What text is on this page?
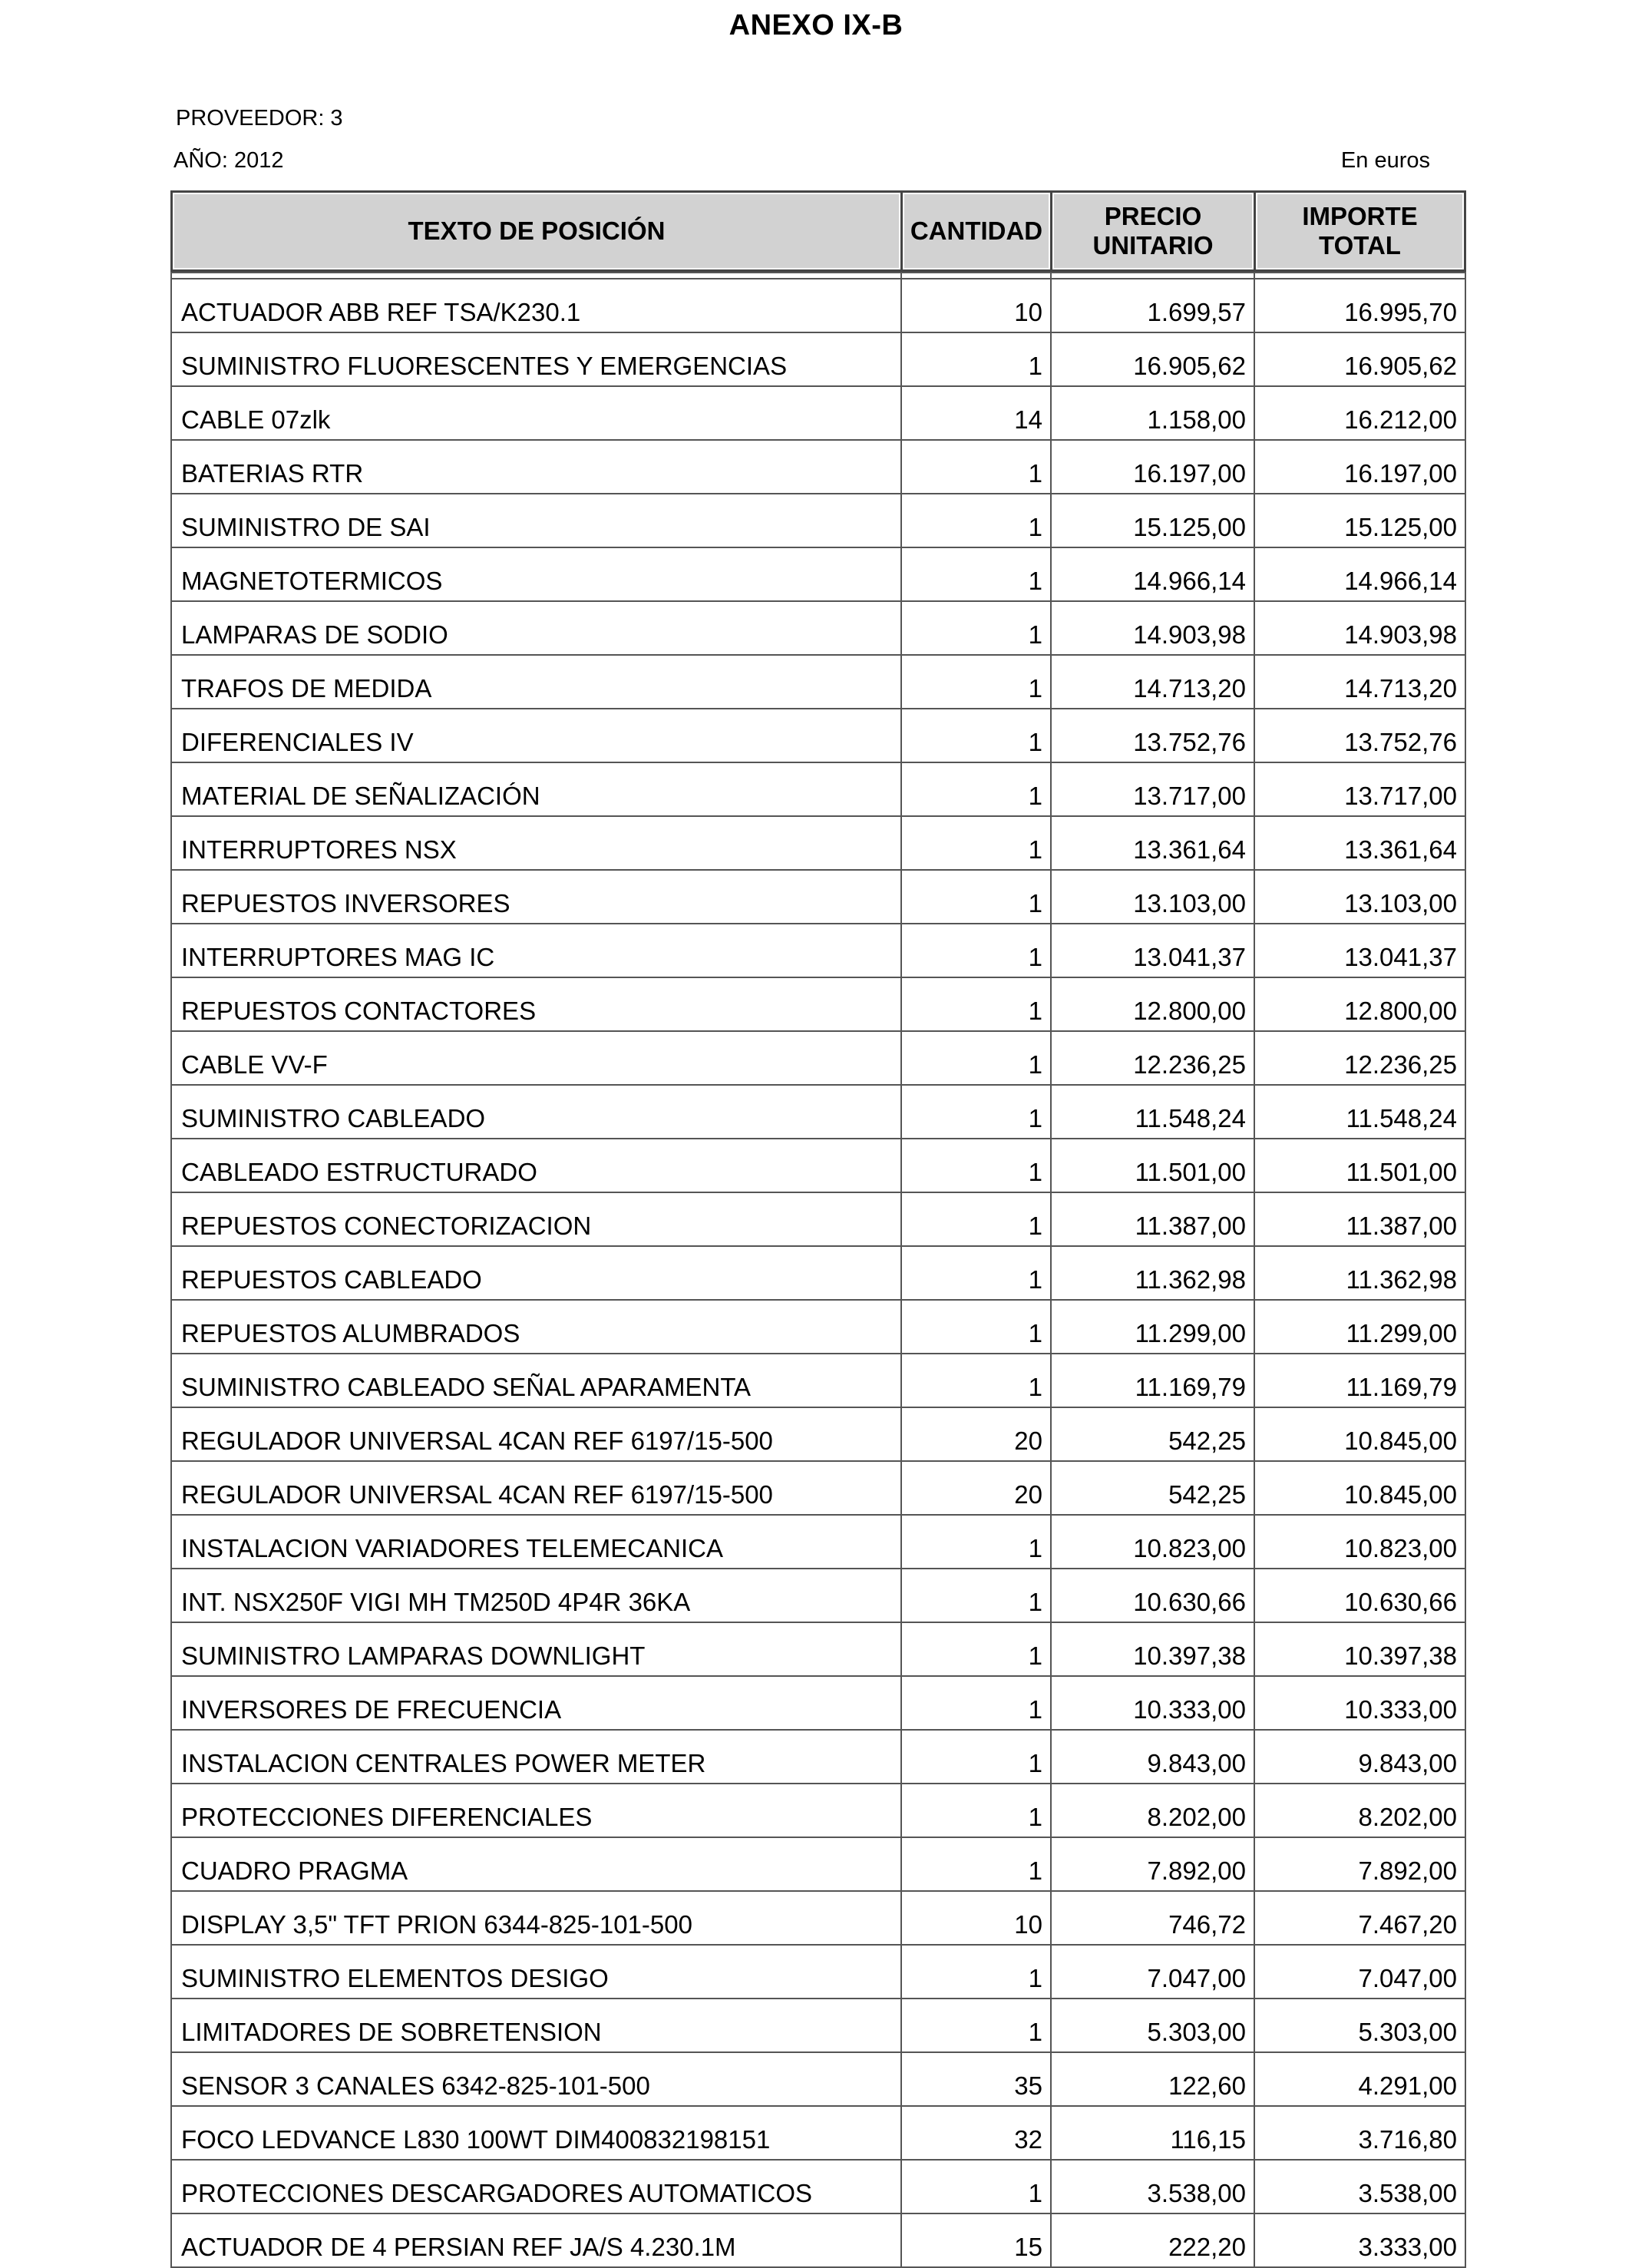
ANEXO IX-B
PROVEEDOR: 3
AÑO: 2012	En euros
TEXTO DE POSICIÓN	CANTIDAD	PRECIO UNITARIO	IMPORTE TOTAL

ACTUADOR ABB REF TSA/K230.1	10	1.699,57	16.995,70
SUMINISTRO FLUORESCENTES Y EMERGENCIAS	1	16.905,62	16.905,62
CABLE 07zlk	14	1.158,00	16.212,00
BATERIAS RTR	1	16.197,00	16.197,00
SUMINISTRO DE SAI	1	15.125,00	15.125,00
MAGNETOTERMICOS	1	14.966,14	14.966,14
LAMPARAS DE SODIO	1	14.903,98	14.903,98
TRAFOS DE MEDIDA	1	14.713,20	14.713,20
DIFERENCIALES IV	1	13.752,76	13.752,76
MATERIAL DE SEÑALIZACIÓN	1	13.717,00	13.717,00
INTERRUPTORES NSX	1	13.361,64	13.361,64
REPUESTOS INVERSORES	1	13.103,00	13.103,00
INTERRUPTORES MAG IC	1	13.041,37	13.041,37
REPUESTOS CONTACTORES	1	12.800,00	12.800,00
CABLE VV-F	1	12.236,25	12.236,25
SUMINISTRO CABLEADO	1	11.548,24	11.548,24
CABLEADO ESTRUCTURADO	1	11.501,00	11.501,00
REPUESTOS CONECTORIZACION	1	11.387,00	11.387,00
REPUESTOS CABLEADO	1	11.362,98	11.362,98
REPUESTOS ALUMBRADOS	1	11.299,00	11.299,00
SUMINISTRO CABLEADO SEÑAL APARAMENTA	1	11.169,79	11.169,79
REGULADOR UNIVERSAL 4CAN REF 6197/15-500	20	542,25	10.845,00
REGULADOR UNIVERSAL 4CAN REF 6197/15-500	20	542,25	10.845,00
INSTALACION VARIADORES TELEMECANICA	1	10.823,00	10.823,00
INT. NSX250F VIGI MH TM250D 4P4R 36KA	1	10.630,66	10.630,66
SUMINISTRO LAMPARAS DOWNLIGHT	1	10.397,38	10.397,38
INVERSORES DE FRECUENCIA	1	10.333,00	10.333,00
INSTALACION CENTRALES POWER METER	1	9.843,00	9.843,00
PROTECCIONES DIFERENCIALES	1	8.202,00	8.202,00
CUADRO PRAGMA	1	7.892,00	7.892,00
DISPLAY 3,5" TFT PRION 6344-825-101-500	10	746,72	7.467,20
SUMINISTRO ELEMENTOS DESIGO	1	7.047,00	7.047,00
LIMITADORES DE SOBRETENSION	1	5.303,00	5.303,00
SENSOR 3 CANALES 6342-825-101-500	35	122,60	4.291,00
FOCO LEDVANCE L830 100WT DIM400832198151	32	116,15	3.716,80
PROTECCIONES DESCARGADORES AUTOMATICOS	1	3.538,00	3.538,00
ACTUADOR DE 4 PERSIAN REF JA/S 4.230.1M	15	222,20	3.333,00
